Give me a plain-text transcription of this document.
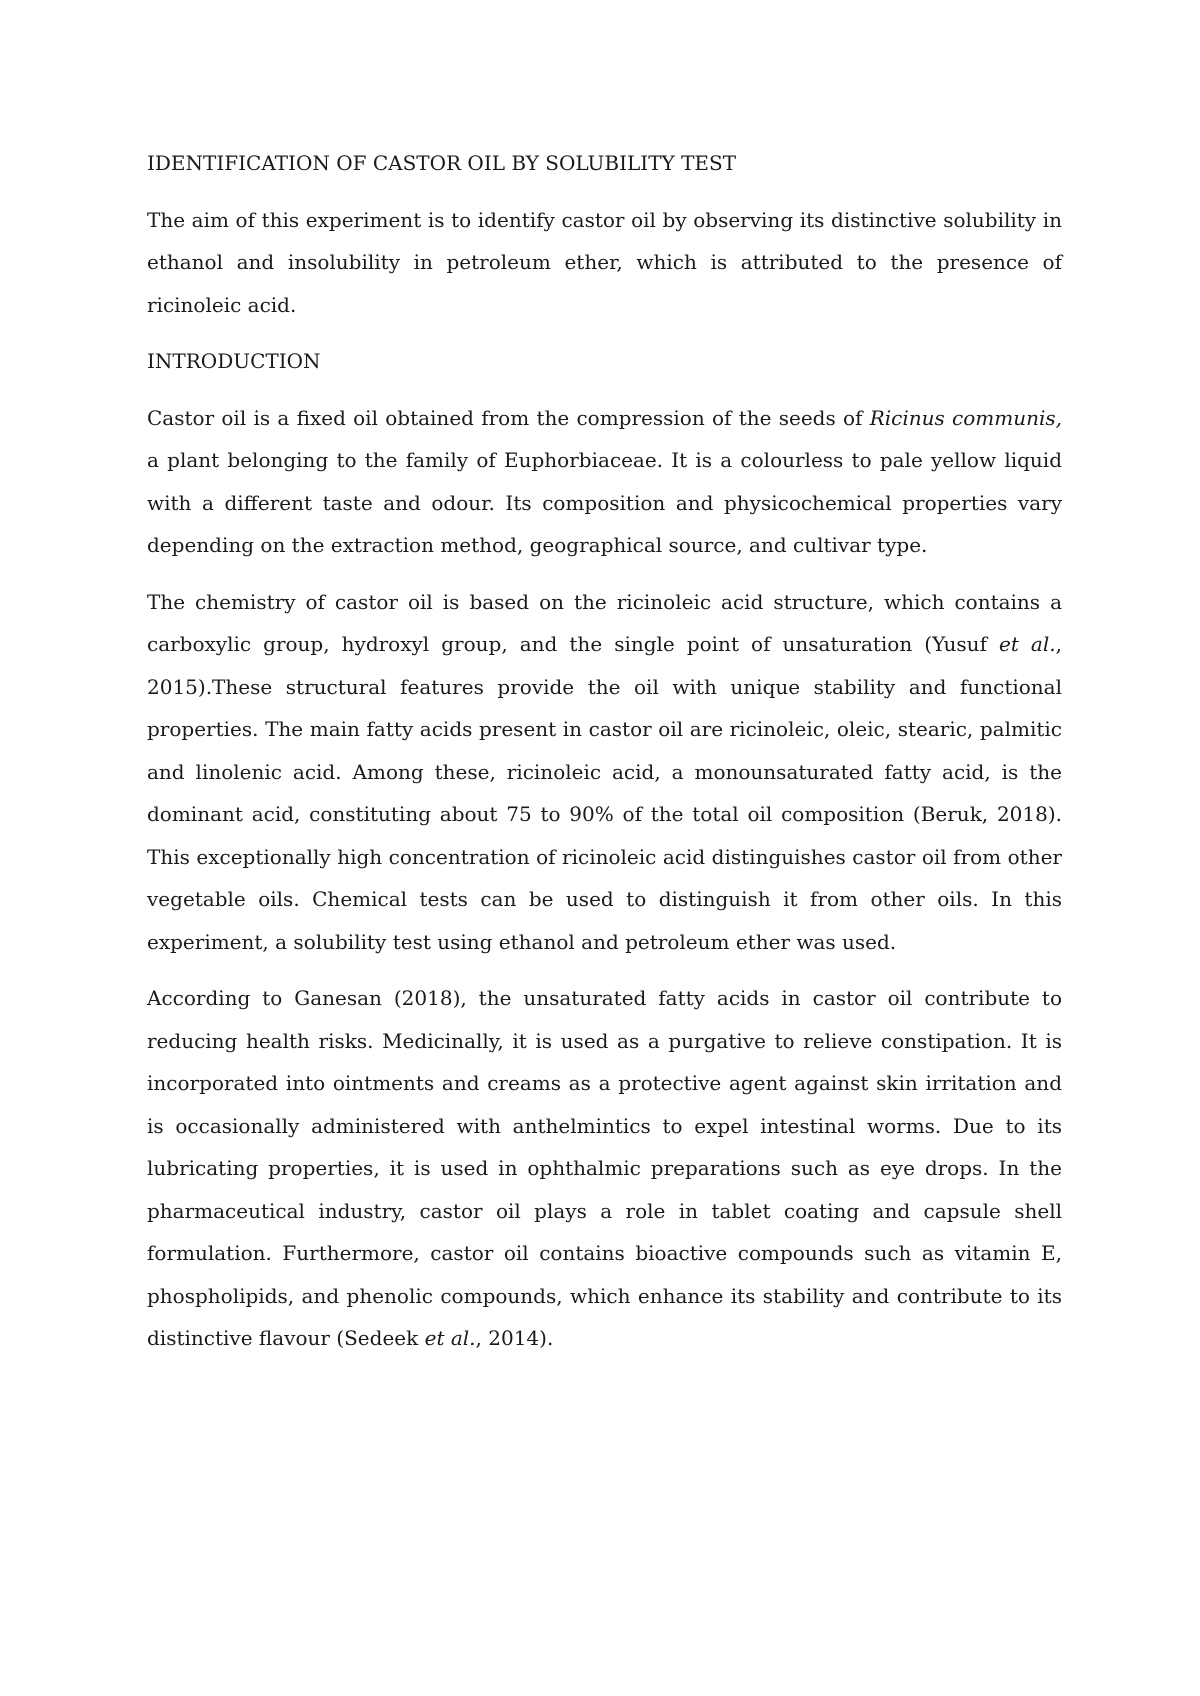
IDENTIFICATION OF CASTOR OIL BY SOLUBILITY TEST

The aim of this experiment is to identify castor oil by observing its distinctive solubility in ethanol and insolubility in petroleum ether, which is attributed to the presence of ricinoleic acid.

INTRODUCTION

Castor oil is a fixed oil obtained from the compression of the seeds of Ricinus communis, a plant belonging to the family of Euphorbiaceae. It is a colourless to pale yellow liquid with a different taste and odour. Its composition and physicochemical properties vary depending on the extraction method, geographical source, and cultivar type.

The chemistry of castor oil is based on the ricinoleic acid structure, which contains a carboxylic group, hydroxyl group, and the single point of unsaturation (Yusuf et al., 2015).These structural features provide the oil with unique stability and functional properties. The main fatty acids present in castor oil are ricinoleic, oleic, stearic, palmitic and linolenic acid. Among these, ricinoleic acid, a monounsaturated fatty acid, is the dominant acid, constituting about 75 to 90% of the total oil composition (Beruk, 2018). This exceptionally high concentration of ricinoleic acid distinguishes castor oil from other vegetable oils. Chemical tests can be used to distinguish it from other oils. In this experiment, a solubility test using ethanol and petroleum ether was used.

According to Ganesan (2018), the unsaturated fatty acids in castor oil contribute to reducing health risks. Medicinally, it is used as a purgative to relieve constipation. It is incorporated into ointments and creams as a protective agent against skin irritation and is occasionally administered with anthelmintics to expel intestinal worms. Due to its lubricating properties, it is used in ophthalmic preparations such as eye drops. In the pharmaceutical industry, castor oil plays a role in tablet coating and capsule shell formulation. Furthermore, castor oil contains bioactive compounds such as vitamin E, phospholipids, and phenolic compounds, which enhance its stability and contribute to its distinctive flavour (Sedeek et al., 2014).
